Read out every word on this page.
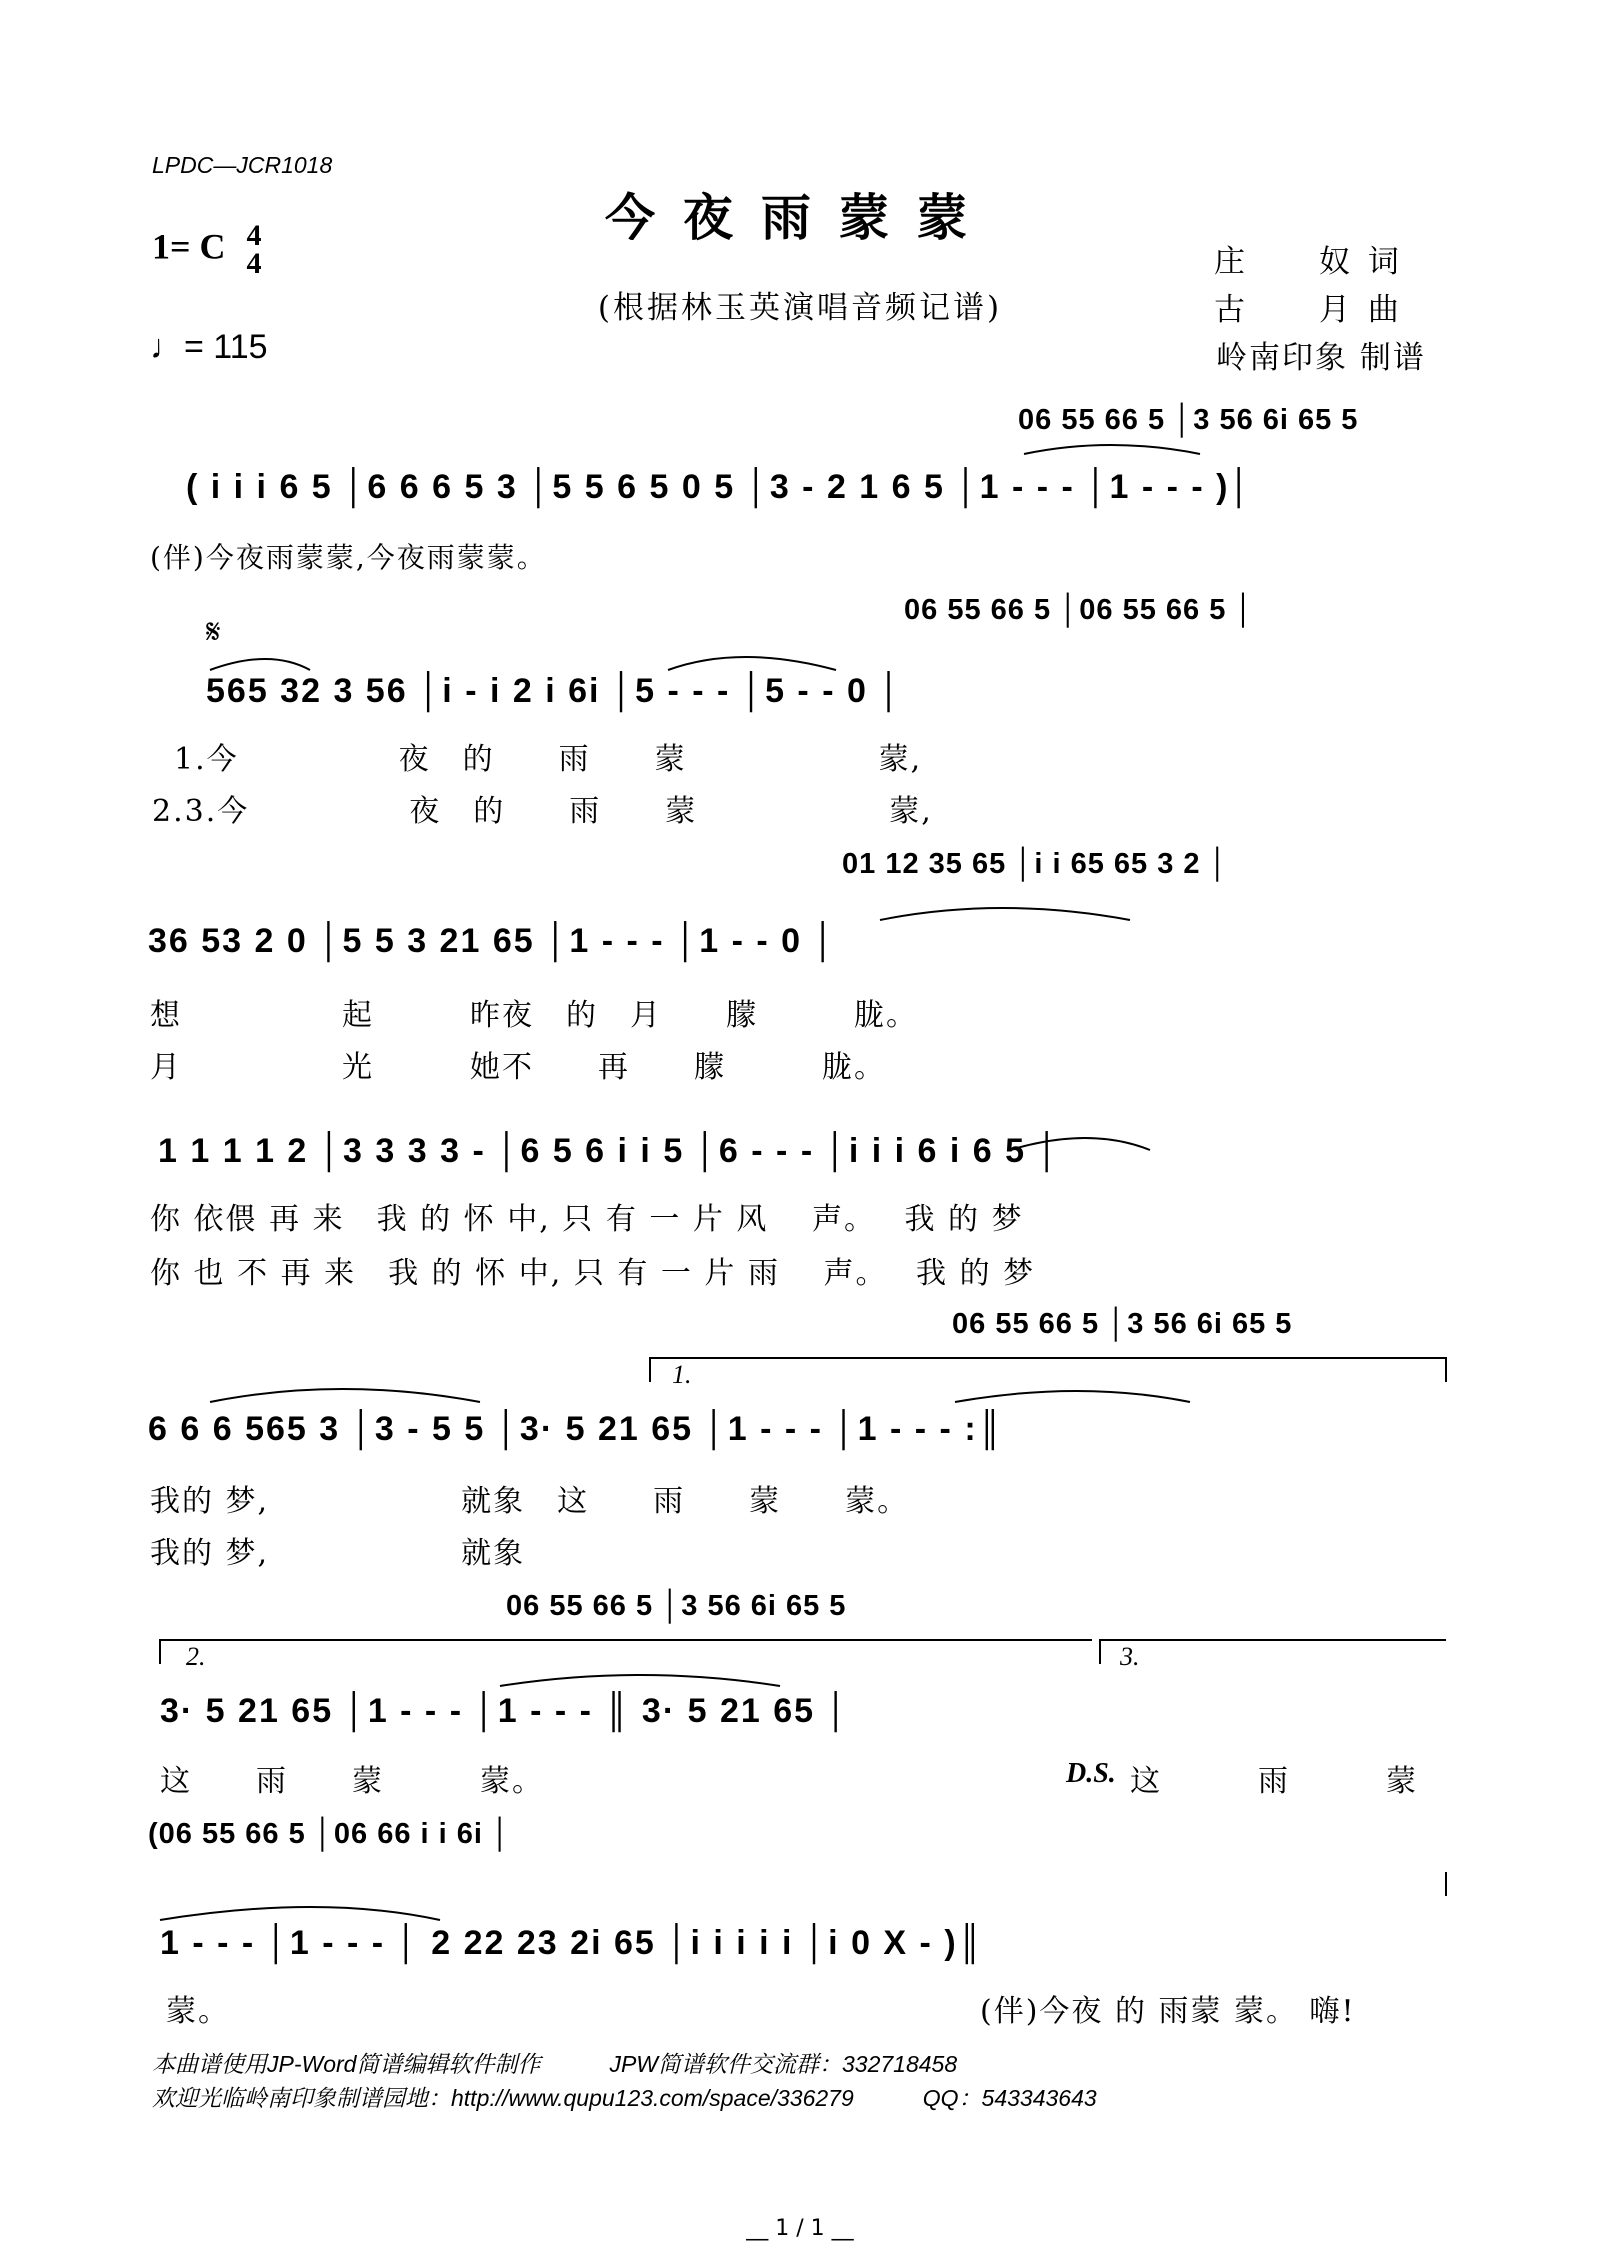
LPDC—JCR1018
今夜雨蒙蒙
1= C 4
4
(根据林玉英演唱音频记谱)
♩= 115
庄　　奴 词
古　　月 曲
岭南印象 制谱
06 55 66 5 │3 56 6i 65 5
( i i i 6 5 │6 6 6 5 3 │5 5 6 5 0 5 │3 - 2 1 6 5 │1 - - - │1 - - - )│
(伴)今夜雨蒙蒙,今夜雨蒙蒙。
06 55 66 5 │06 55 66 5 │
𝄋
565 32 3 56 │i - i 2 i 6i │5 - - - │5 - - 0 │
1.今　　　　　夜　的　　雨　　蒙　　　　　　蒙,
2.3.今　　　　　夜　的　　雨　　蒙　　　　　　蒙,
01 12 35 65 │i i 65 65 3 2 │
36 53 2 0 │5 5 3 21 65 │1 - - - │1 - - 0 │
想　　　　　起　　　昨夜　的　月　　朦　　　胧。
月　　　　　光　　　她不　　再　　朦　　　胧。
1 1 1 1 2 │3 3 3 3 - │6 5 6 i i 5 │6 - - - │i i i 6 i 6 5 │
你 依偎 再 来　我 的 怀 中, 只 有 一 片 风　 声。　 我 的 梦
你 也 不 再 来　我 的 怀 中, 只 有 一 片 雨　 声。　 我 的 梦
06 55 66 5 │3 56 6i 65 5
1.
6 6 6 565 3 │3 - 5 5 │3· 5 21 65 │1 - - - │1 - - - :║
我的 梦,　　　　　　就象　这　　雨　　蒙　　蒙。
我的 梦,　　　　　　就象
06 55 66 5 │3 56 6i 65 5
2.	3.
3· 5 21 65 │1 - - - │1 - - - ║ 3· 5 21 65 │
这　　雨　　蒙　　　蒙。	D.S. 这　　　雨　　　蒙
(06 55 66 5 │06 66 i i 6i │
1 - - - │1 - - - │ 2 22 23 2i 65 │i i i i i │i 0 X - )║
蒙。	(伴)今夜 的 雨蒙 蒙。 嗨!
本曲谱使用JP-Word简谱编辑软件制作　　　JPW简谱软件交流群：332718458
欢迎光临岭南印象制谱园地：http://www.qupu123.com/space/336279　　　QQ：543343643
__ 1 / 1 __
